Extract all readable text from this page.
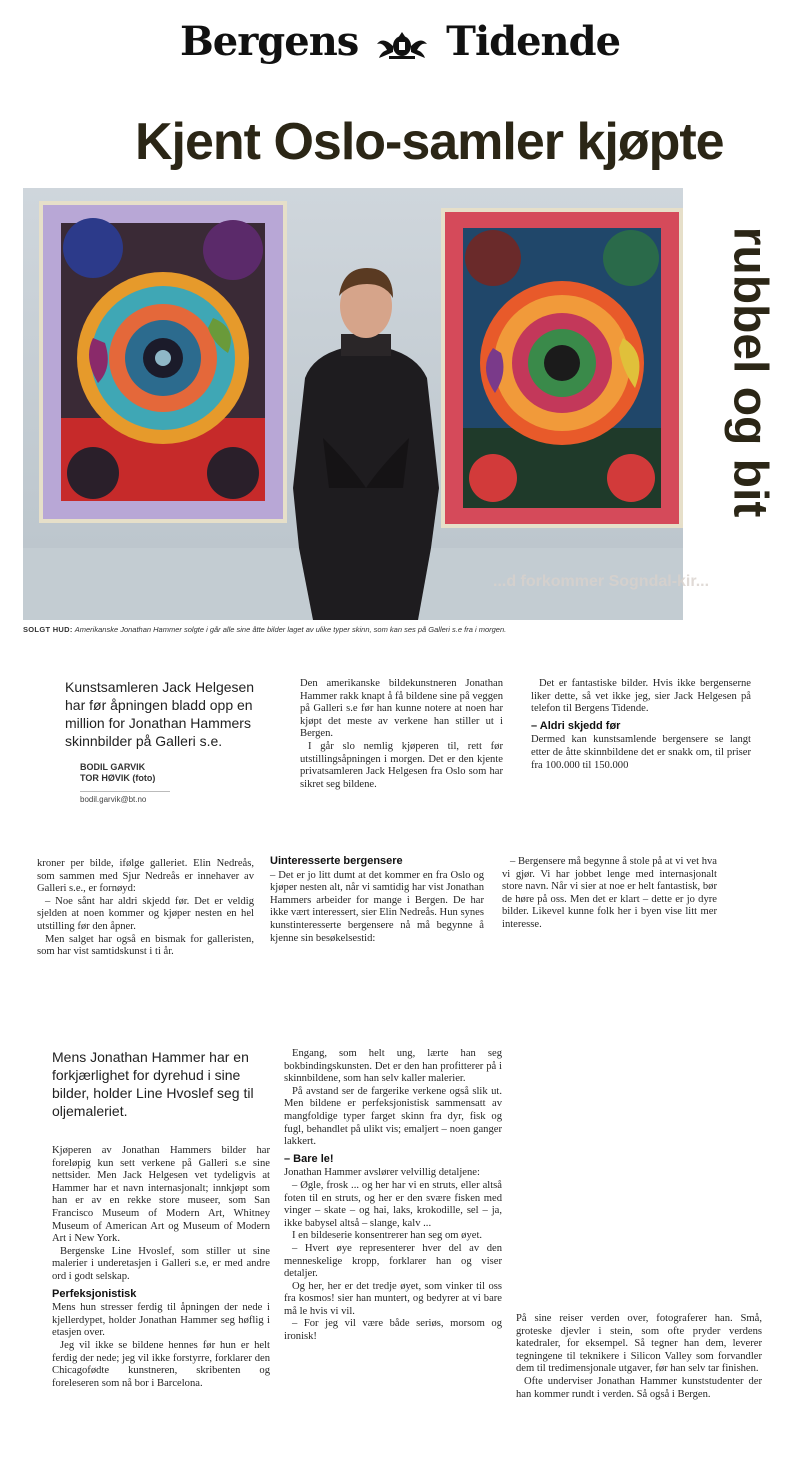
Bergens Tidende
Kjent Oslo-samler kjøpte
rubbel og bit
...d forkommer Sogndal-kir...
SOLGT HUD: Amerikanske Jonathan Hammer solgte i går alle sine åtte bilder laget av ulike typer skinn, som kan ses på Galleri s.e fra i morgen.
Kunstsamleren Jack Helgesen har før åpningen bladd opp en million for Jonathan Hammers skinnbilder på Galleri s.e.
BODIL GARVIK
TOR HØVIK (foto)
bodil.garvik@bt.no

Den amerikanske bildekunstneren Jonathan Hammer rakk knapt å få bildene sine på veggen på Galleri s.e før han kunne notere at noen har kjøpt det meste av verkene han stiller ut i Bergen.

I går slo nemlig kjøperen til, rett før utstillingsåpningen i morgen. Det er den kjente privatsamleren Jack Helgesen fra Oslo som har sikret seg bildene.

Det er fantastiske bilder. Hvis ikke bergenserne liker dette, så vet ikke jeg, sier Jack Helgesen på telefon til Bergens Tidende.

– Aldri skjedd før

Dermed kan kunstsamlende bergensere se langt etter de åtte skinnbildene det er snakk om, til priser fra 100.000 til 150.000

kroner per bilde, ifølge galleriet. Elin Nedreås, som sammen med Sjur Nedreås er innehaver av Galleri s.e., er fornøyd:

– Noe sånt har aldri skjedd før. Det er veldig sjelden at noen kommer og kjøper nesten en hel utstilling før den åpner.

Men salget har også en bismak for galleristen, som har vist samtidskunst i ti år.

Uinteresserte bergensere

– Det er jo litt dumt at det kommer en fra Oslo og kjøper nesten alt, når vi samtidig har vist Jonathan Hammers arbeider for mange i Bergen. De har ikke vært interessert, sier Elin Nedreås. Hun synes kunstinteresserte bergensere nå må begynne å kjenne sin besøkelsestid:

– Bergensere må begynne å stole på at vi vet hva vi gjør. Vi har jobbet lenge med internasjonalt store navn. Når vi sier at noe er helt fantastisk, bør de høre på oss. Men det er klart – dette er jo dyre bilder. Likevel kunne folk her i byen vise litt mer interesse.

Mens Jonathan Hammer har en forkjærlighet for dyrehud i sine bilder, holder Line Hvoslef seg til oljemaleriet.

Kjøperen av Jonathan Hammers bilder har foreløpig kun sett verkene på Galleri s.e sine nettsider. Men Jack Helgesen vet tydeligvis at Hammer har et navn internasjonalt; innkjøpt som han er av en rekke store museer, som San Francisco Museum of Modern Art, Whitney Museum of American Art og Museum of Modern Art i New York.

Bergenske Line Hvoslef, som stiller ut sine malerier i underetasjen i Galleri s.e, er med andre ord i godt selskap.

Perfeksjonistisk

Mens hun stresser ferdig til åpningen der nede i kjellerdypet, holder Jonathan Hammer seg høflig i etasjen over.

Jeg vil ikke se bildene hennes før hun er helt ferdig der nede; jeg vil ikke forstyrre, forklarer den Chicagofødte kunstneren, skribenten og foreleseren som nå bor i Barcelona.

Engang, som helt ung, lærte han seg bokbindingskunsten. Det er den han profitterer på i skinnbildene, som han selv kaller malerier.

På avstand ser de fargerike verkene også slik ut. Men bildene er perfeksjonistisk sammensatt av mangfoldige typer farget skinn fra dyr, fisk og fugl, behandlet på ulikt vis; emaljert – noen ganger lakkert.

– Bare le!

Jonathan Hammer avslører velvillig detaljene:

– Øgle, frosk ... og her har vi en struts, eller altså foten til en struts, og her er den svære fisken med vinger – skate – og hai, laks, krokodille, sel – ja, ikke babysel altså – slange, kalv ...

I en bildeserie konsentrerer han seg om øyet.

– Hvert øye representerer hver del av den menneskelige kropp, forklarer han og viser detaljer.

Og her, her er det tredje øyet, som vinker til oss fra kosmos! sier han muntert, og bedyrer at vi bare må le hvis vi vil.

– For jeg vil være både seriøs, morsom og ironisk!

På sine reiser verden over, fotograferer han. Små, groteske djevler i stein, som ofte pryder verdens katedraler, for eksempel. Så tegner han dem, leverer tegningene til teknikere i Silicon Valley som forvandler dem til tredimensjonale utgaver, før han selv tar finishen.

Ofte underviser Jonathan Hammer kunststudenter der han kommer rundt i verden. Så også i Bergen.
